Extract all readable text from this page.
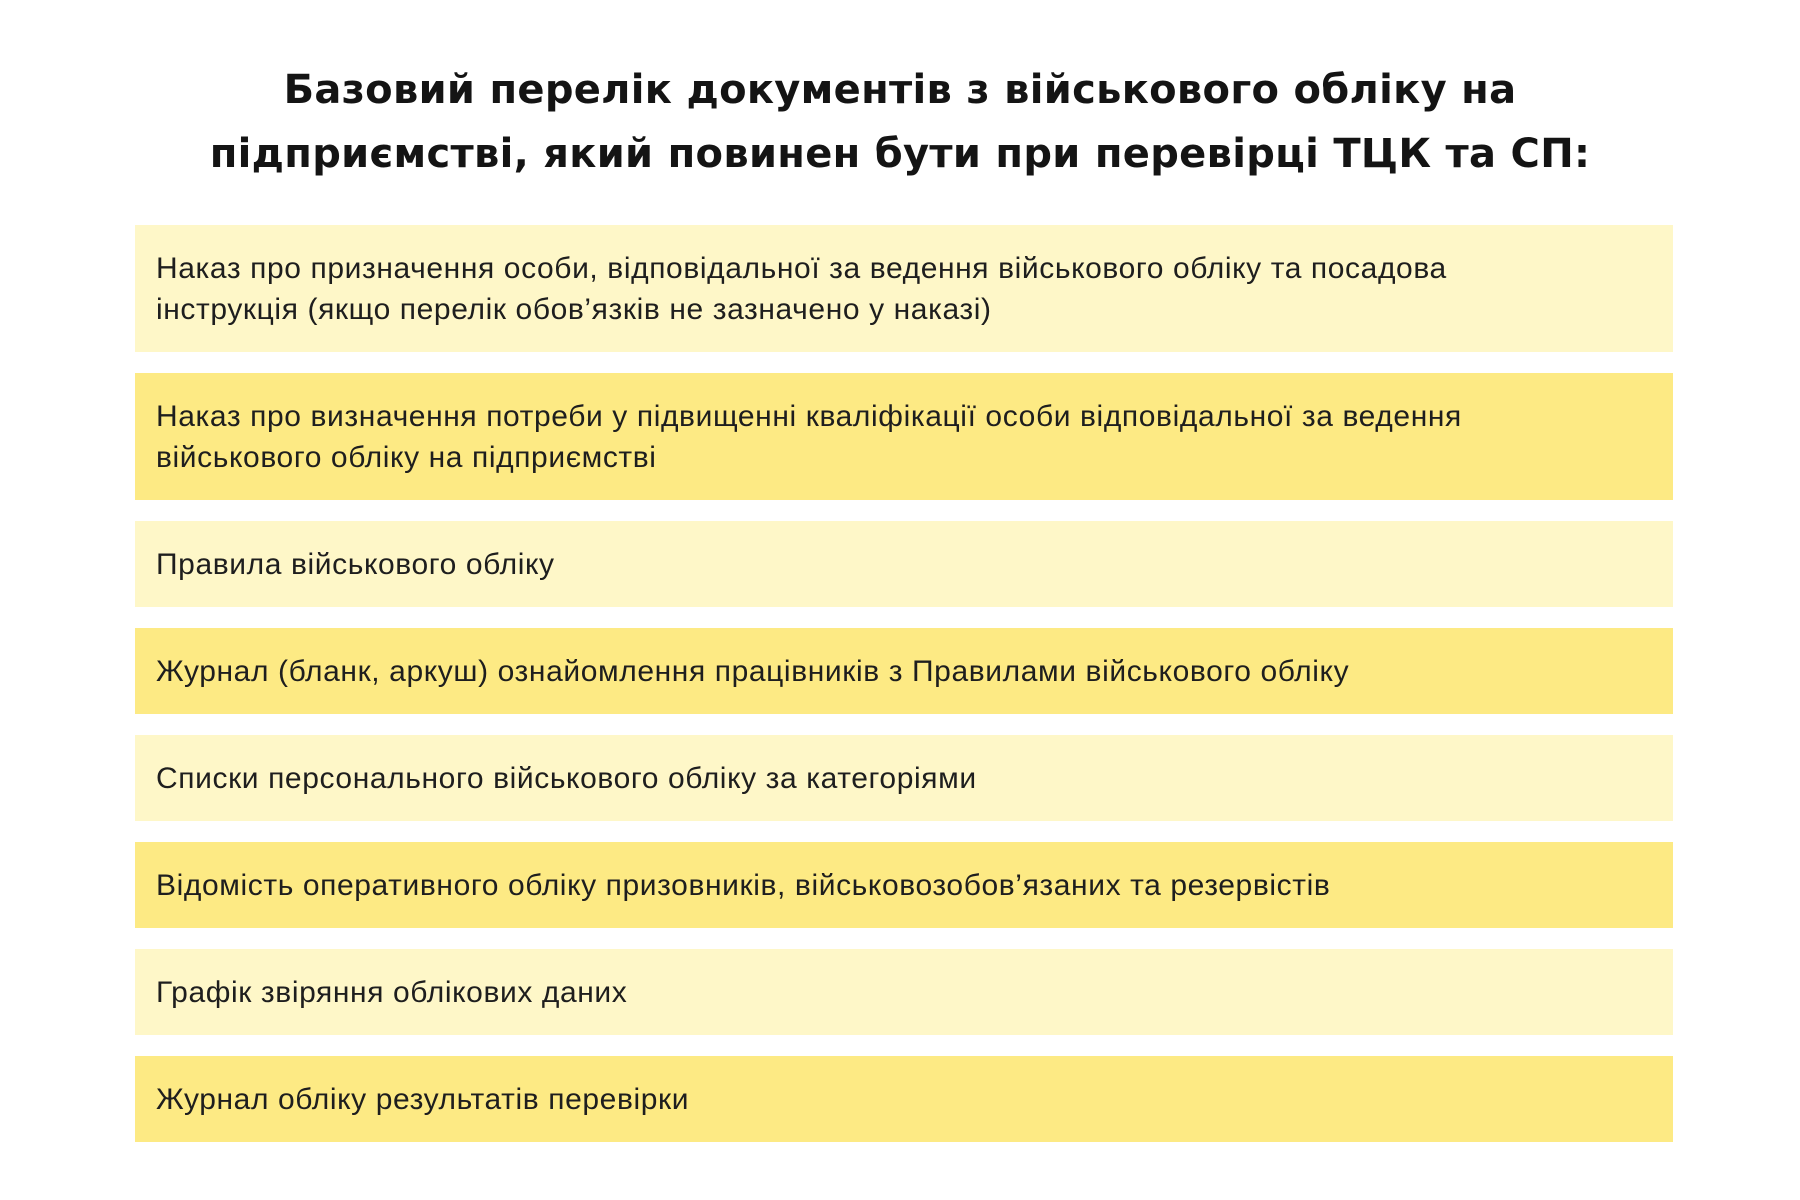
Базовий перелік документів з військового обліку на
підприємстві, який повинен бути при перевірці ТЦК та СП:
Наказ про призначення особи, відповідальної за ведення військового обліку та посадова
інструкція (якщо перелік обов’язків не зазначено у наказі)
Наказ про визначення потреби у підвищенні кваліфікації особи відповідальної за ведення
військового обліку на підприємстві
Правила військового обліку
Журнал (бланк, аркуш) ознайомлення працівників з Правилами військового обліку
Списки персонального військового обліку за категоріями
Відомість оперативного обліку призовників, військовозобов’язаних та резервістів
Графік звіряння облікових даних
Журнал обліку результатів перевірки
